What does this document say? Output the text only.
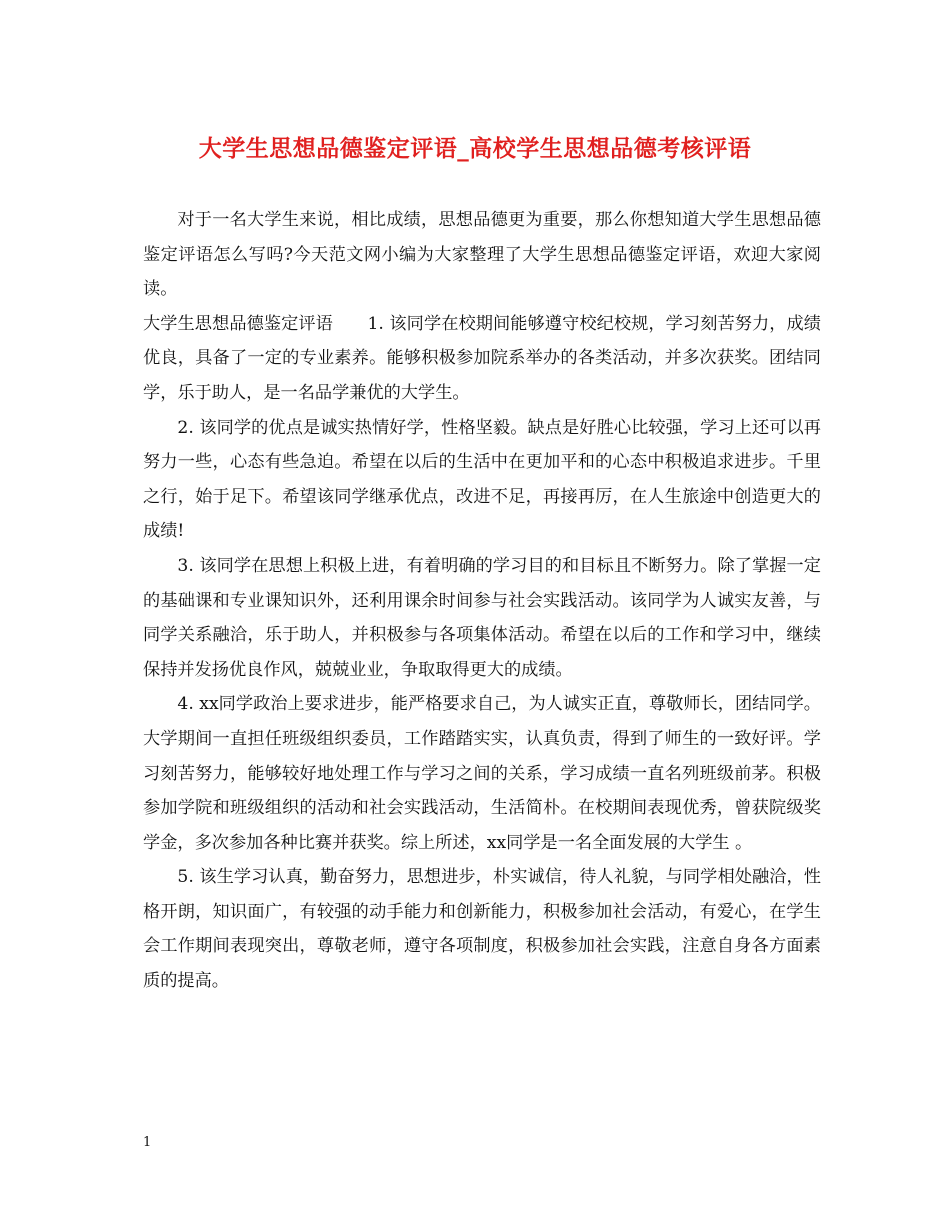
大学生思想品德鉴定评语_高校学生思想品德考核评语

对于一名大学生来说，相比成绩，思想品德更为重要，那么你想知道大学生思想品德鉴定评语怎么写吗?今天范文网小编为大家整理了大学生思想品德鉴定评语，欢迎大家阅读。

大学生思想品德鉴定评语　　1. 该同学在校期间能够遵守校纪校规，学习刻苦努力，成绩优良，具备了一定的专业素养。能够积极参加院系举办的各类活动，并多次获奖。团结同学，乐于助人，是一名品学兼优的大学生。

2. 该同学的优点是诚实热情好学，性格坚毅。缺点是好胜心比较强，学习上还可以再努力一些，心态有些急迫。希望在以后的生活中在更加平和的心态中积极追求进步。千里之行，始于足下。希望该同学继承优点，改进不足，再接再厉，在人生旅途中创造更大的成绩!

3. 该同学在思想上积极上进，有着明确的学习目的和目标且不断努力。除了掌握一定的基础课和专业课知识外，还利用课余时间参与社会实践活动。该同学为人诚实友善，与同学关系融洽，乐于助人，并积极参与各项集体活动。希望在以后的工作和学习中，继续保持并发扬优良作风，兢兢业业，争取取得更大的成绩。

4. xx同学政治上要求进步，能严格要求自己，为人诚实正直，尊敬师长，团结同学。大学期间一直担任班级组织委员，工作踏踏实实，认真负责，得到了师生的一致好评。学习刻苦努力，能够较好地处理工作与学习之间的关系，学习成绩一直名列班级前茅。积极参加学院和班级组织的活动和社会实践活动，生活简朴。在校期间表现优秀，曾获院级奖学金，多次参加各种比赛并获奖。综上所述，xx同学是一名全面发展的大学生 。

5. 该生学习认真，勤奋努力，思想进步，朴实诚信，待人礼貌，与同学相处融洽，性格开朗，知识面广，有较强的动手能力和创新能力，积极参加社会活动，有爱心，在学生会工作期间表现突出，尊敬老师，遵守各项制度，积极参加社会实践，注意自身各方面素质的提高。

1
